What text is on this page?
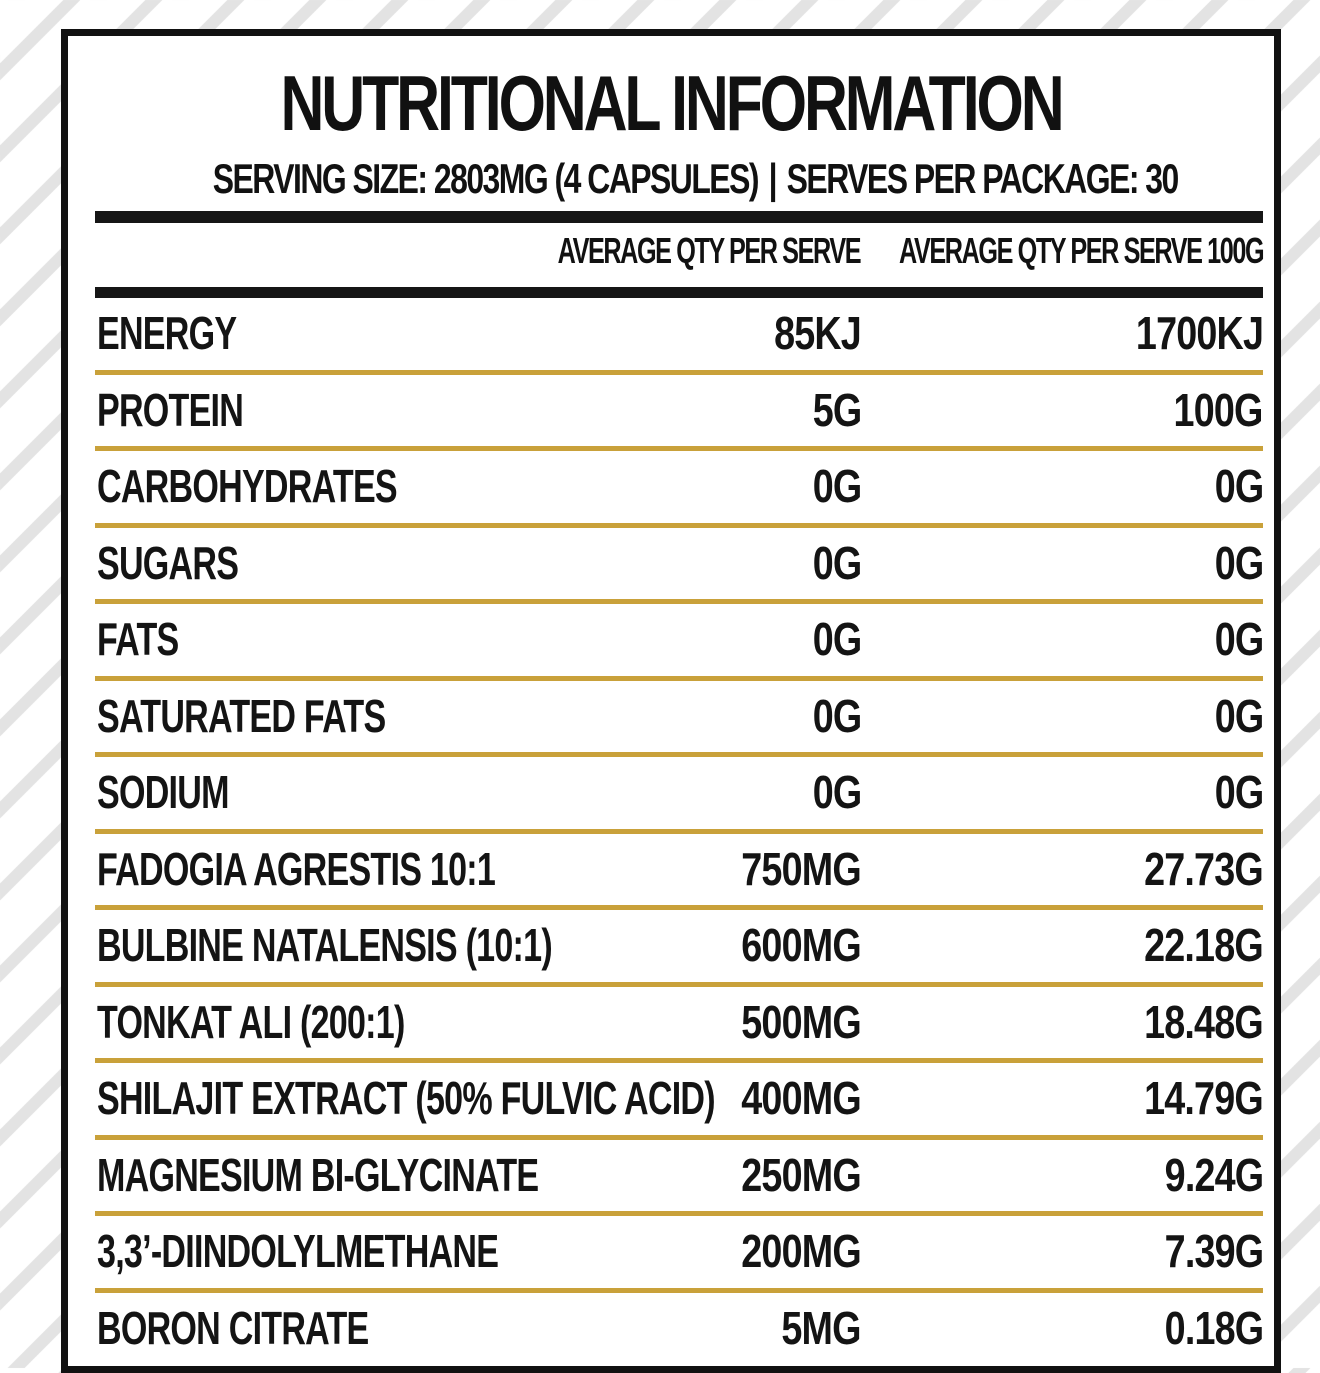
NUTRITIONAL INFORMATION
SERVING SIZE: 2803MG (4 CAPSULES) | SERVES PER PACKAGE: 30
AVERAGE QTY PER SERVE AVERAGE QTY PER SERVE 100G
ENERGY	85KJ	1700KJ
PROTEIN	5G	100G
CARBOHYDRATES	0G	0G
SUGARS	0G	0G
FATS	0G	0G
SATURATED FATS	0G	0G
SODIUM	0G	0G
FADOGIA AGRESTIS 10:1	750MG	27.73G
BULBINE NATALENSIS (10:1)	600MG	22.18G
TONKAT ALI (200:1)	500MG	18.48G
SHILAJIT EXTRACT (50% FULVIC ACID) 400MG	14.79G
MAGNESIUM BI-GLYCINATE	250MG	9.24G
3,3’-DIINDOLYLMETHANE	200MG	7.39G
BORON CITRATE	5MG	0.18G
